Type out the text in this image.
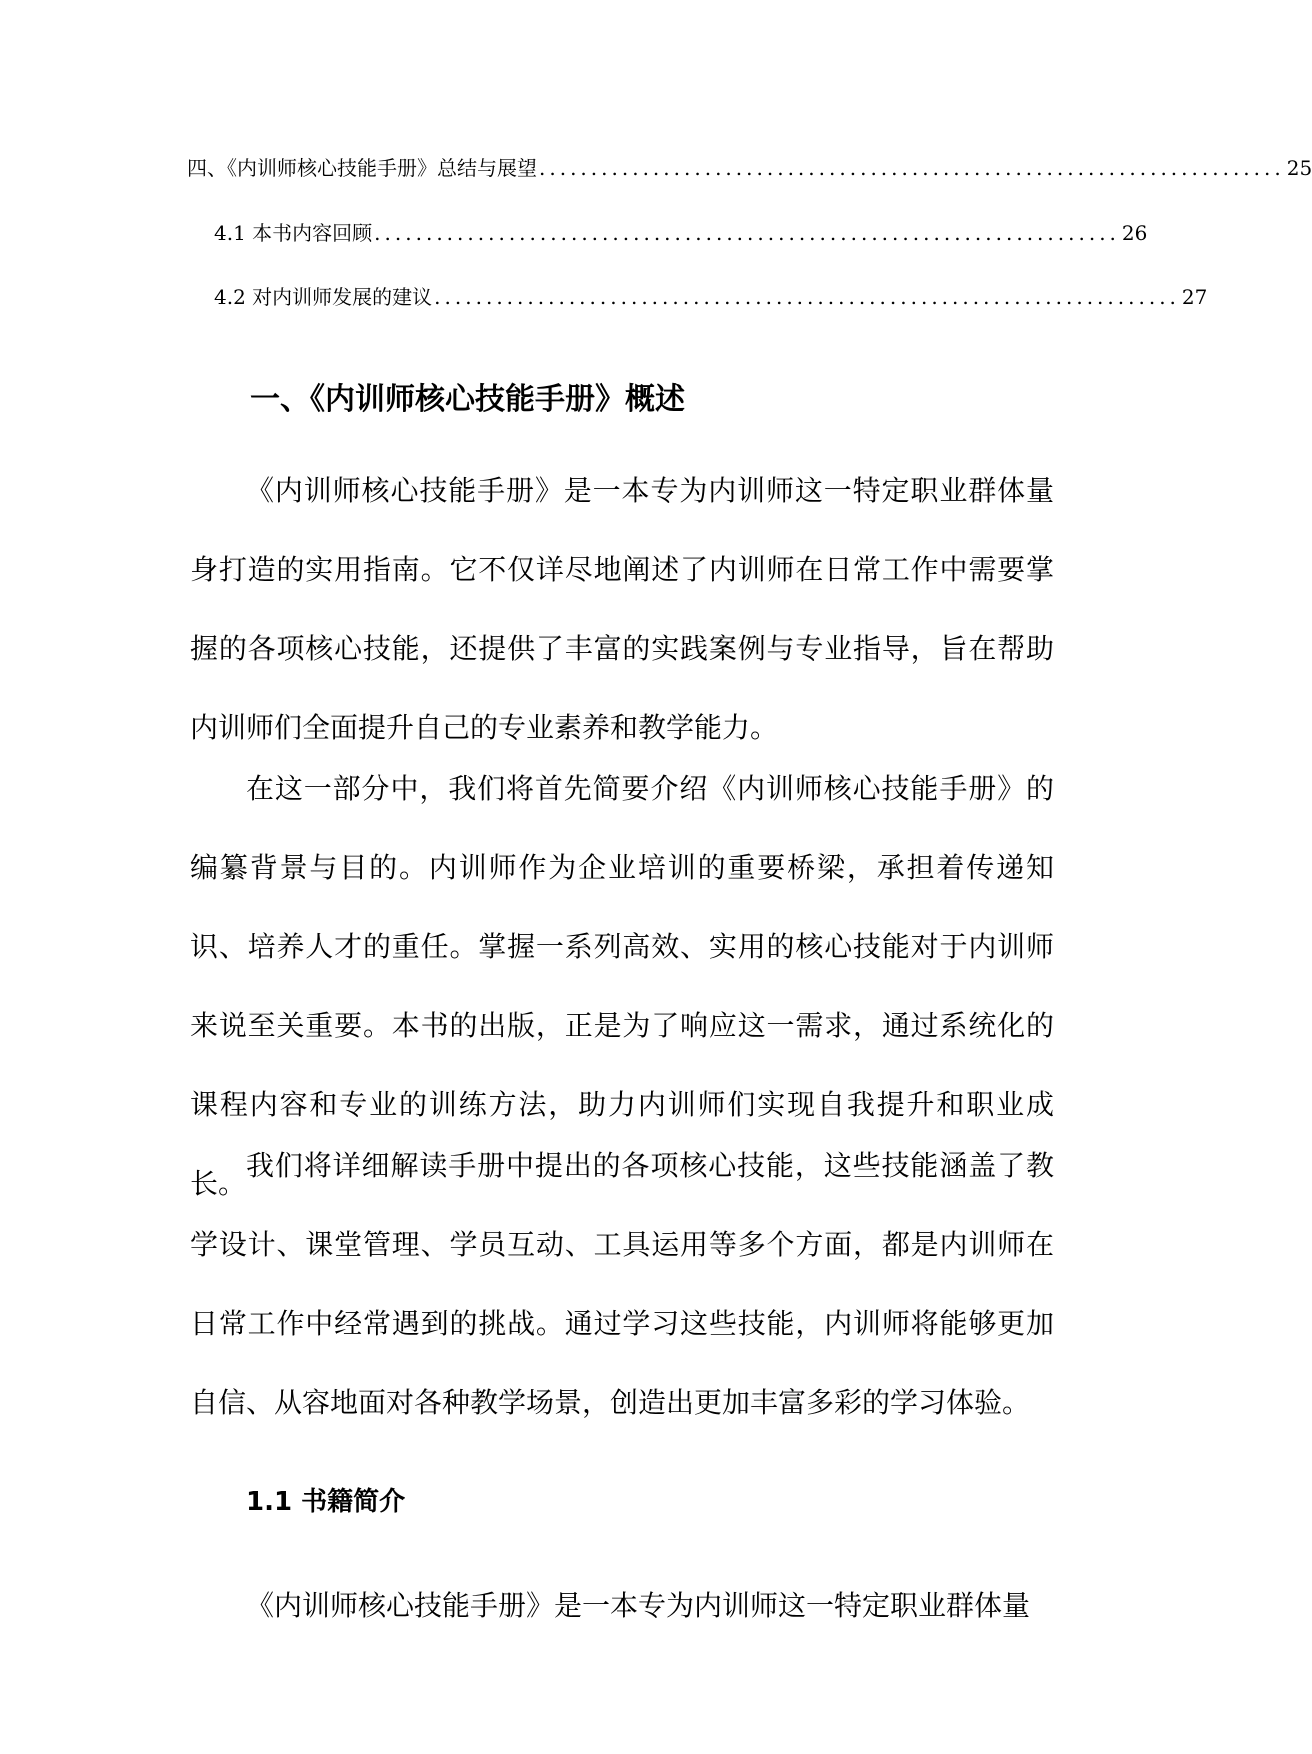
四、《内训师核心技能手册》总结与展望 ........................................................................ 25
4.1 本书内容回顾 ........................................................................ 26
4.2 对内训师发展的建议 ........................................................................ 27
一、《内训师核心技能手册》概述

《内训师核心技能手册》是一本专为内训师这一特定职业群体量身打造的实用指南。它不仅详尽地阐述了内训师在日常工作中需要掌握的各项核心技能，还提供了丰富的实践案例与专业指导，旨在帮助内训师们全面提升自己的专业素养和教学能力。

在这一部分中，我们将首先简要介绍《内训师核心技能手册》的编纂背景与目的。内训师作为企业培训的重要桥梁，承担着传递知识、培养人才的重任。掌握一系列高效、实用的核心技能对于内训师来说至关重要。本书的出版，正是为了响应这一需求，通过系统化的课程内容和专业的训练方法，助力内训师们实现自我提升和职业成长。

我们将详细解读手册中提出的各项核心技能，这些技能涵盖了教学设计、课堂管理、学员互动、工具运用等多个方面，都是内训师在日常工作中经常遇到的挑战。通过学习这些技能，内训师将能够更加自信、从容地面对各种教学场景，创造出更加丰富多彩的学习体验。

1.1 书籍简介

《内训师核心技能手册》是一本专为内训师这一特定职业群体量
